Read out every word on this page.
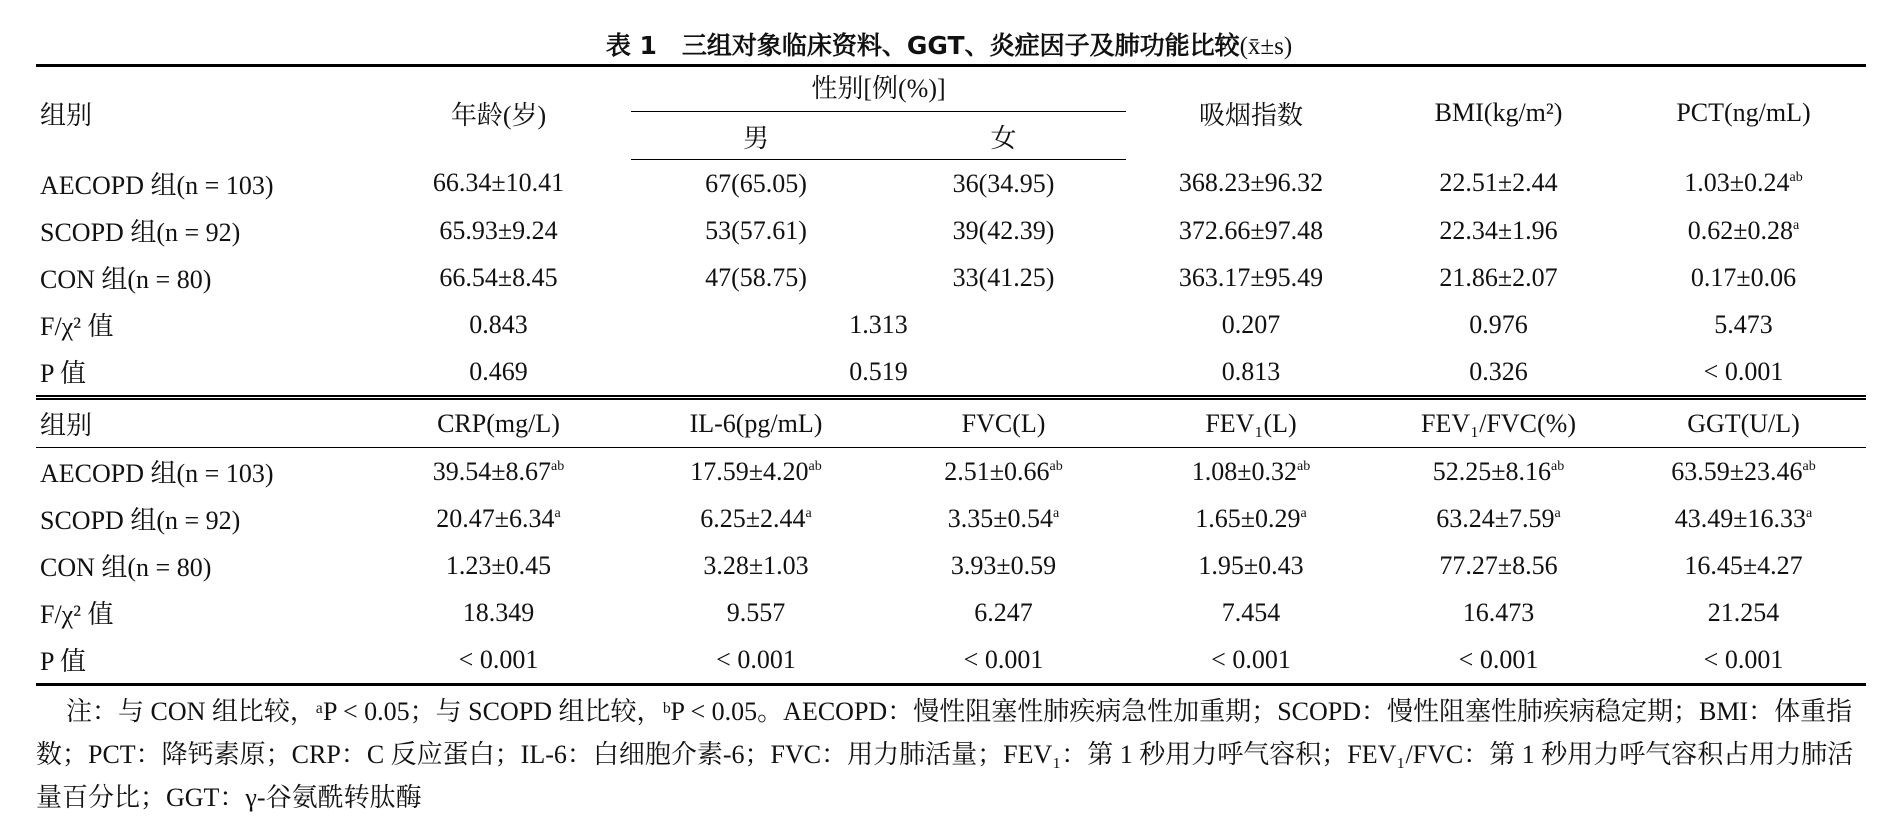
表 1　三组对象临床资料、GGT、炎症因子及肺功能比较(x̄±s)
组别	年龄(岁)	性别[例(%)]		吸烟指数	BMI(kg/m²)	PCT(ng/mL)
		男	女			
AECOPD 组(n = 103)	66.34±10.41	67(65.05)	36(34.95)	368.23±96.32	22.51±2.44	1.03±0.24$^{ab}$
SCOPD 组(n = 92)	65.93±9.24	53(57.61)	39(42.39)	372.66±97.48	22.34±1.96	0.62±0.28$^a$
CON 组(n = 80)	66.54±8.45	47(58.75)	33(41.25)	363.17±95.49	21.86±2.07	0.17±0.06
F/χ² 值	0.843	1.313		0.207	0.976	5.473
P 值	0.469	0.519		0.813	0.326	< 0.001
组别	CRP(mg/L)	IL-6(pg/mL)	FVC(L)	FEV₁(L)	FEV₁/FVC(%)	GGT(U/L)
AECOPD 组(n = 103)	39.54±8.67$^{ab}$	17.59±4.20$^{ab}$	2.51±0.66$^{ab}$	1.08±0.32$^{ab}$	52.25±8.16$^{ab}$	63.59±23.46$^{ab}$
SCOPD 组(n = 92)	20.47±6.34$^a$	6.25±2.44$^a$	3.35±0.54$^a$	1.65±0.29$^a$	63.24±7.59$^a$	43.49±16.33$^a$
CON 组(n = 80)	1.23±0.45	3.28±1.03	3.93±0.59	1.95±0.43	77.27±8.56	16.45±4.27
F/χ² 值	18.349	9.557	6.247	7.454	16.473	21.254
P 值	< 0.001	< 0.001	< 0.001	< 0.001	< 0.001	< 0.001
注：与 CON 组比较，ᵃP < 0.05；与 SCOPD 组比较，ᵇP < 0.05。AECOPD：慢性阻塞性肺疾病急性加重期；SCOPD：慢性阻塞性肺疾病稳定期；BMI：体重指数；PCT：降钙素原；CRP：C 反应蛋白；IL-6：白细胞介素-6；FVC：用力肺活量；FEV₁：第 1 秒用力呼气容积；FEV₁/FVC：第 1 秒用力呼气容积占用力肺活量百分比；GGT：γ-谷氨酰转肽酶
